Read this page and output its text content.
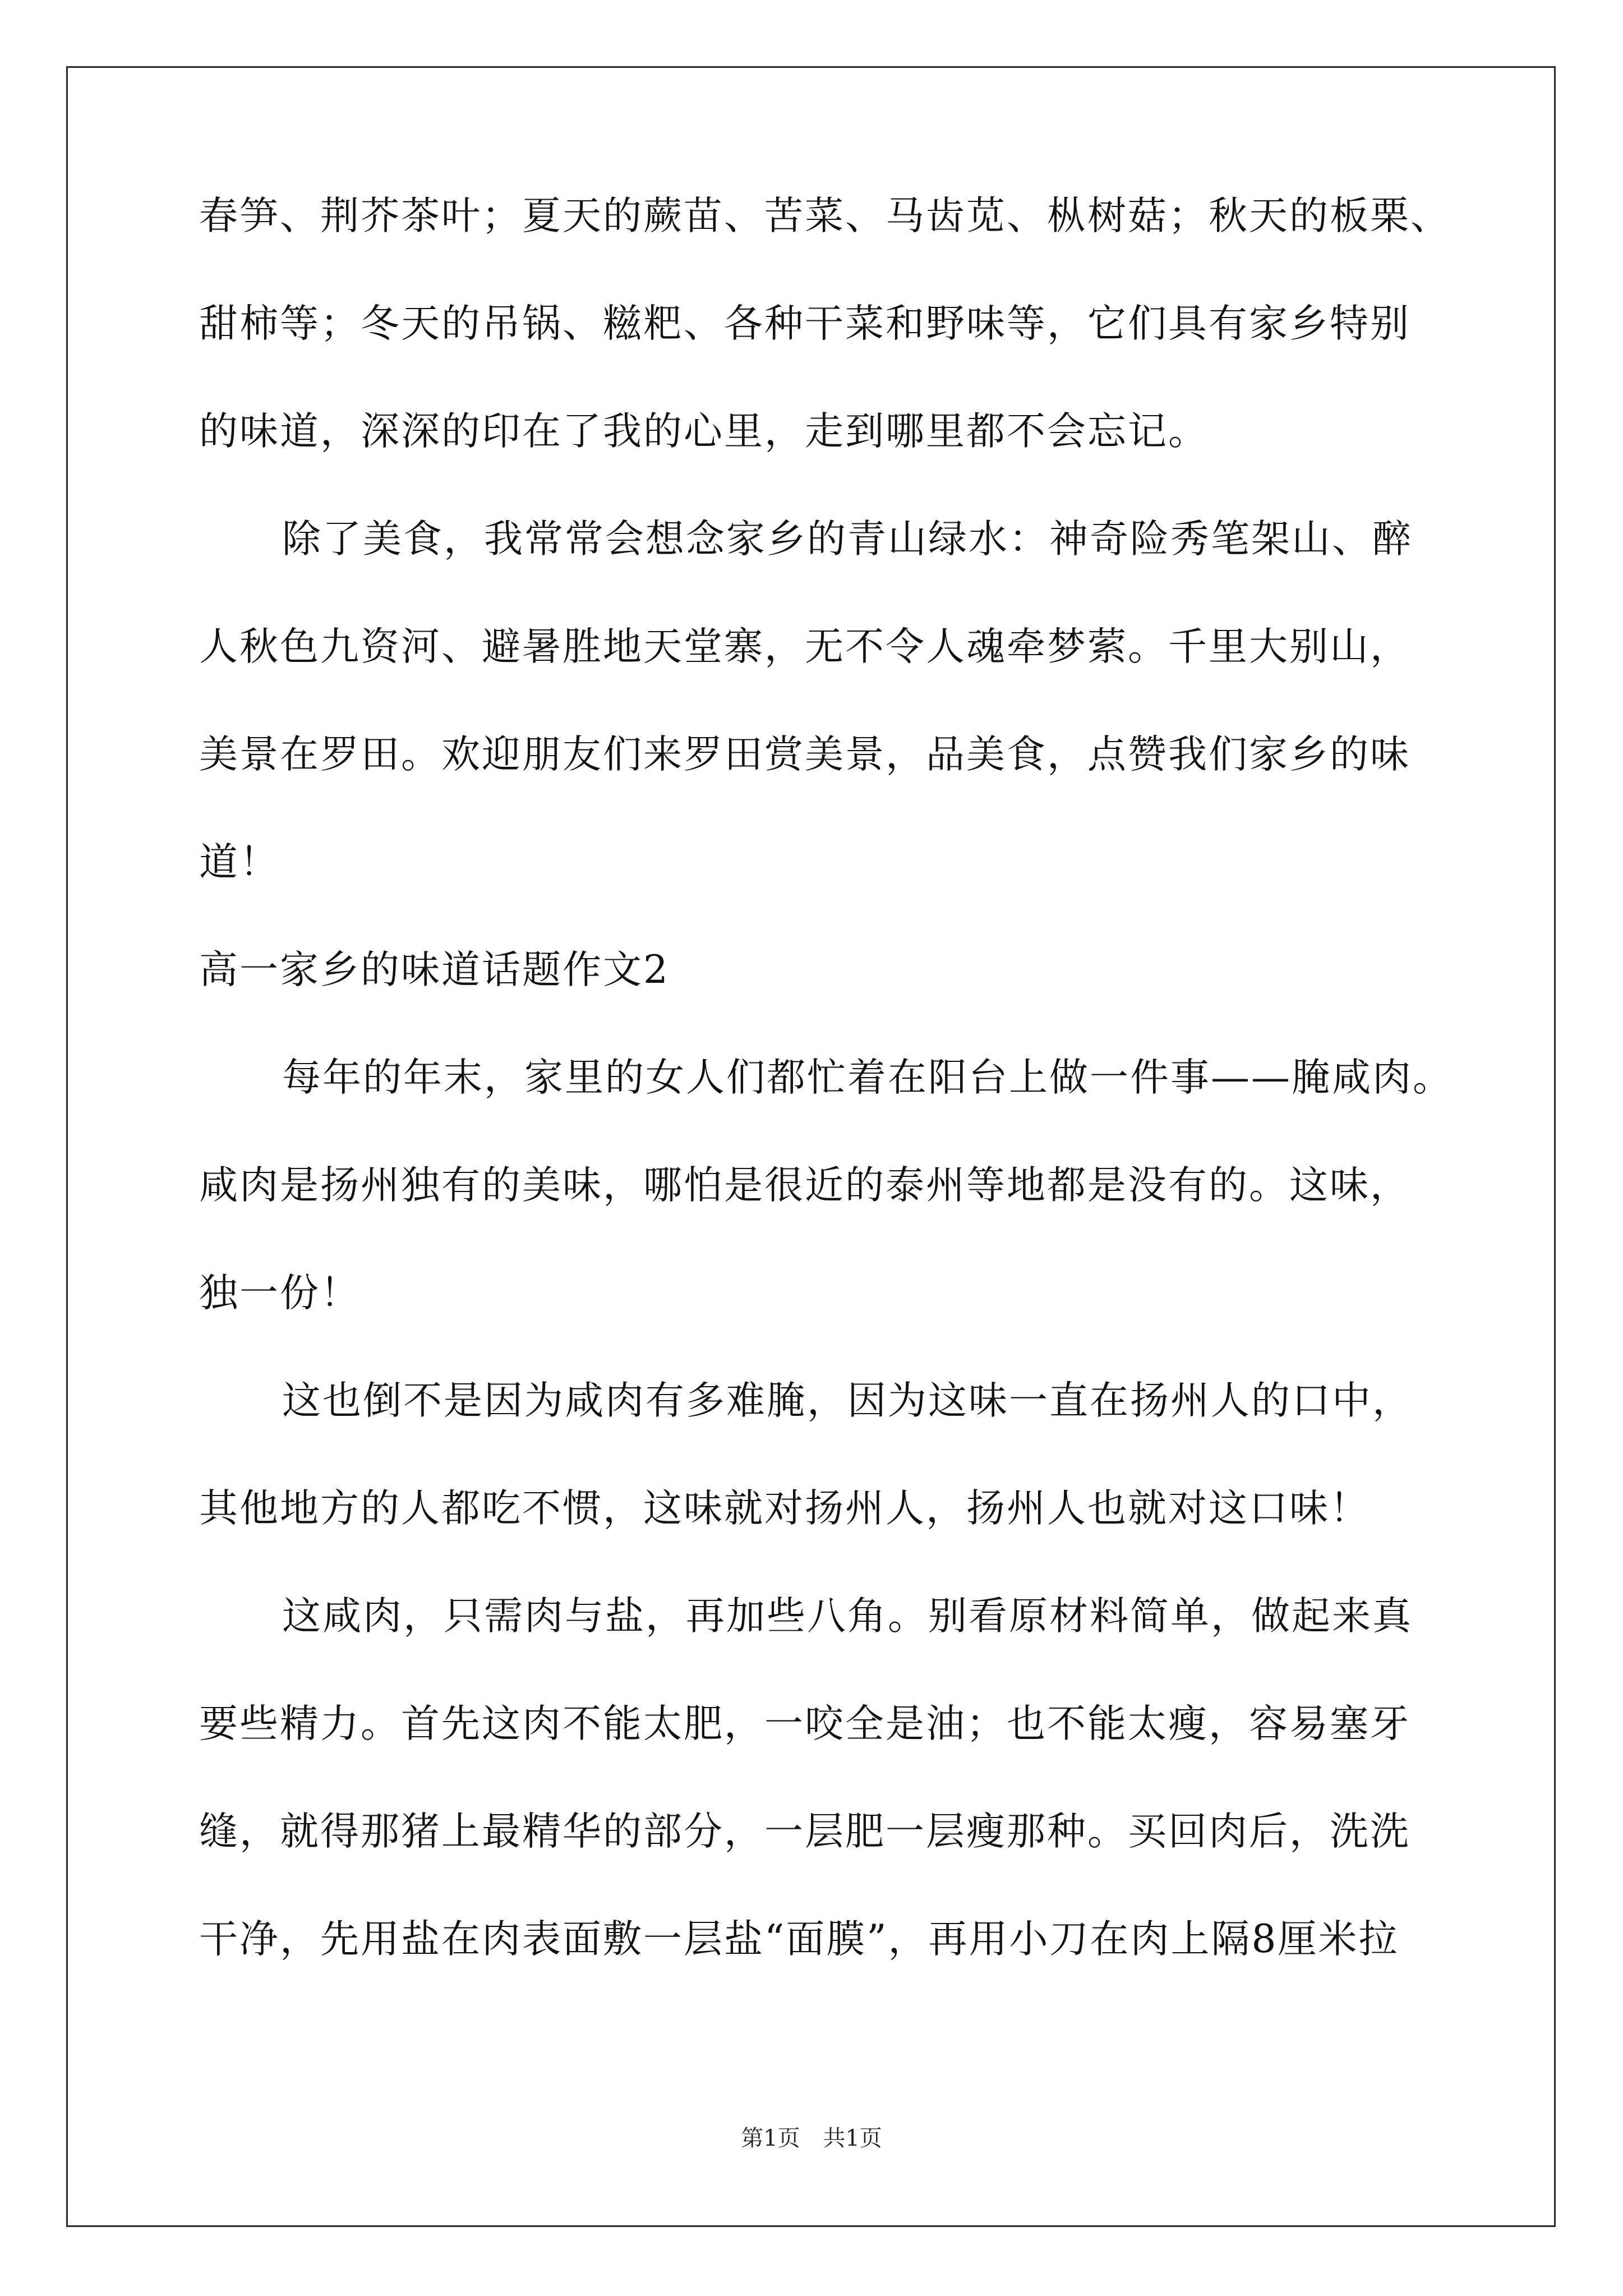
春笋、荆芥茶叶；夏天的蕨苗、苦菜、马齿苋、枞树菇；秋天的板栗、
甜柿等；冬天的吊锅、糍粑、各种干菜和野味等，它们具有家乡特别
的味道，深深的印在了我的心里，走到哪里都不会忘记。
除了美食，我常常会想念家乡的青山绿水：神奇险秀笔架山、醉
人秋色九资河、避暑胜地天堂寨，无不令人魂牵梦萦。千里大别山，
美景在罗田。欢迎朋友们来罗田赏美景，品美食，点赞我们家乡的味
道！
高一家乡的味道话题作文2
每年的年末，家里的女人们都忙着在阳台上做一件事——腌咸肉。
咸肉是扬州独有的美味，哪怕是很近的泰州等地都是没有的。这味，
独一份！
这也倒不是因为咸肉有多难腌，因为这味一直在扬州人的口中，
其他地方的人都吃不惯，这味就对扬州人，扬州人也就对这口味！
这咸肉，只需肉与盐，再加些八角。别看原材料简单，做起来真
要些精力。首先这肉不能太肥，一咬全是油；也不能太瘦，容易塞牙
缝，就得那猪上最精华的部分，一层肥一层瘦那种。买回肉后，洗洗
干净，先用盐在肉表面敷一层盐“面膜”，再用小刀在肉上隔8厘米拉
第1页 共1页
